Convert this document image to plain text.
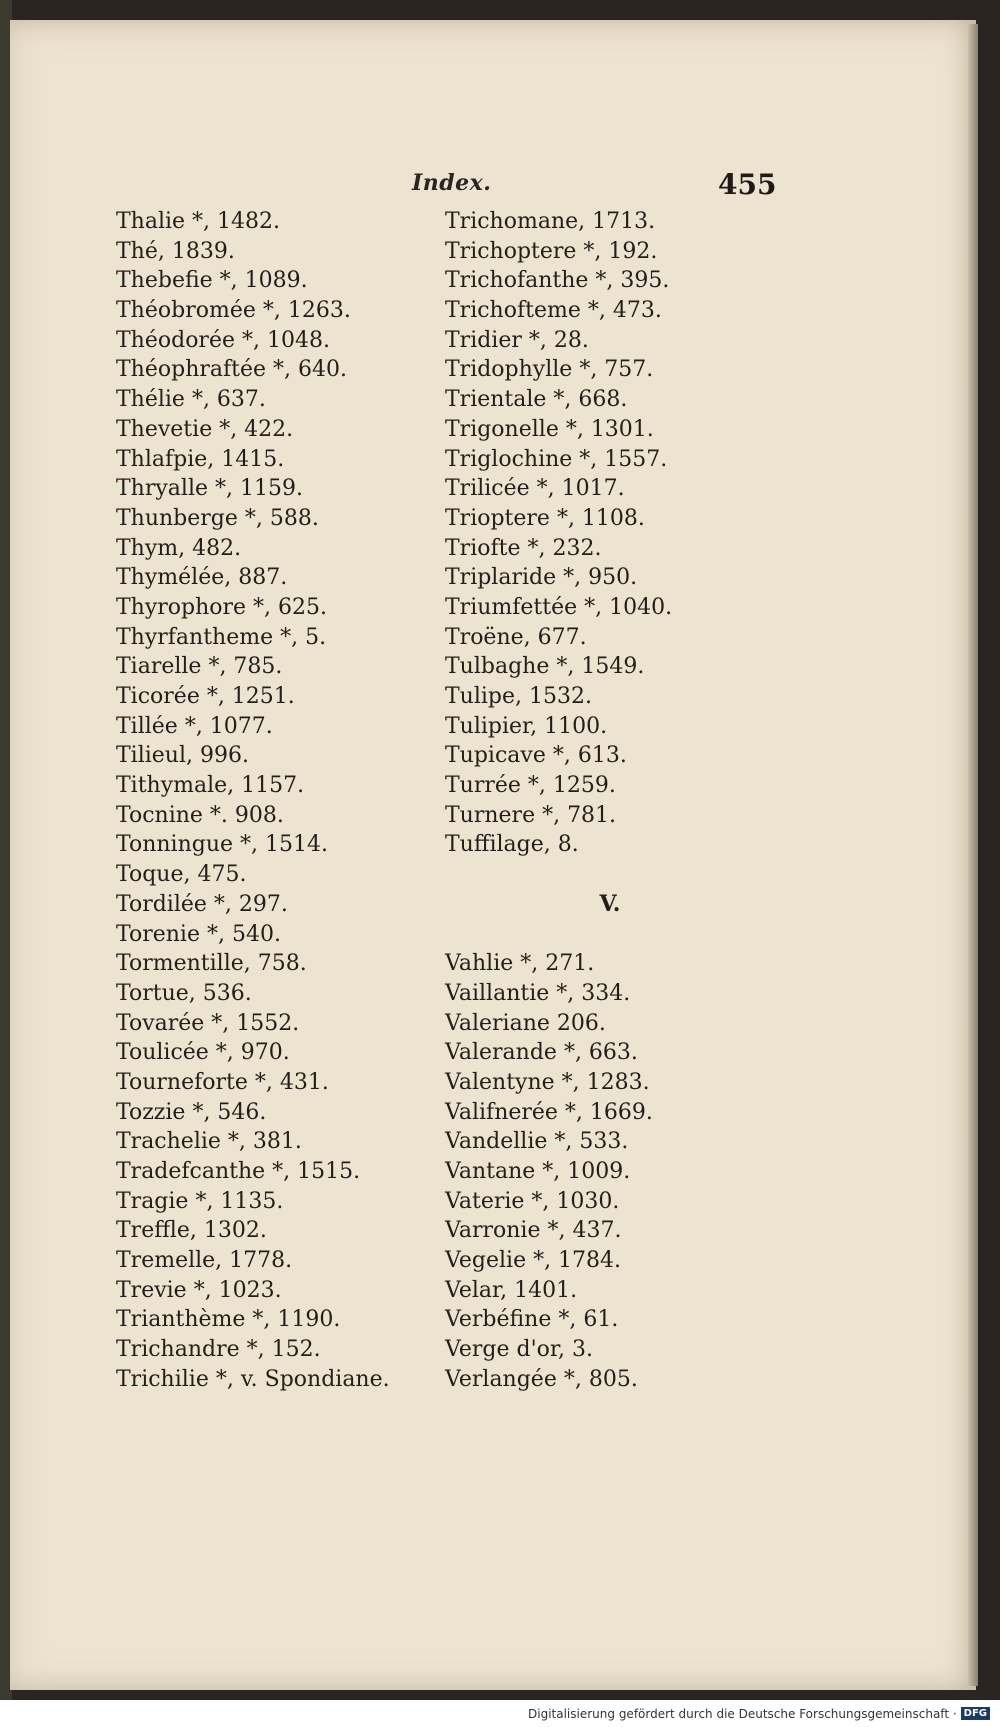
Index.	455
Thalie *, 1482.
Thé, 1839.
Thebefie *, 1089.
Théobromée *, 1263.
Théodorée *, 1048.
Théophraftée *, 640.
Thélie *, 637.
Thevetie *, 422.
Thlafpie, 1415.
Thryalle *, 1159.
Thunberge *, 588.
Thym, 482.
Thymélée, 887.
Thyrophore *, 625.
Thyrfantheme *, 5.
Tiarelle *, 785.
Ticorée *, 1251.
Tillée *, 1077.
Tilieul, 996.
Tithymale, 1157.
Tocnine *. 908.
Tonningue *, 1514.
Toque, 475.
Tordilée *, 297.
Torenie *, 540.
Tormentille, 758.
Tortue, 536.
Tovarée *, 1552.
Toulicée *, 970.
Tourneforte *, 431.
Tozzie *, 546.
Trachelie *, 381.
Tradefcanthe *, 1515.
Tragie *, 1135.
Treffle, 1302.
Tremelle, 1778.
Trevie *, 1023.
Trianthème *, 1190.
Trichandre *, 152.
Trichilie *, v. Spondiane.
Trichomane, 1713.
Trichoptere *, 192.
Trichofanthe *, 395.
Trichofteme *, 473.
Tridier *, 28.
Tridophylle *, 757.
Trientale *, 668.
Trigonelle *, 1301.
Triglochine *, 1557.
Trilicée *, 1017.
Trioptere *, 1108.
Triofte *, 232.
Triplaride *, 950.
Triumfettée *, 1040.
Troëne, 677.
Tulbaghe *, 1549.
Tulipe, 1532.
Tulipier, 1100.
Tupicave *, 613.
Turrée *, 1259.
Turnere *, 781.
Tuffilage, 8.
V.
Vahlie *, 271.
Vaillantie *, 334.
Valeriane 206.
Valerande *, 663.
Valentyne *, 1283.
Valifnerée *, 1669.
Vandellie *, 533.
Vantane *, 1009.
Vaterie *, 1030.
Varronie *, 437.
Vegelie *, 1784.
Velar, 1401.
Verbéfine *, 61.
Verge d'or, 3.
Verlangée *, 805.
Digitalisierung gefördert durch die Deutsche Forschungsgemeinschaft · DFG
